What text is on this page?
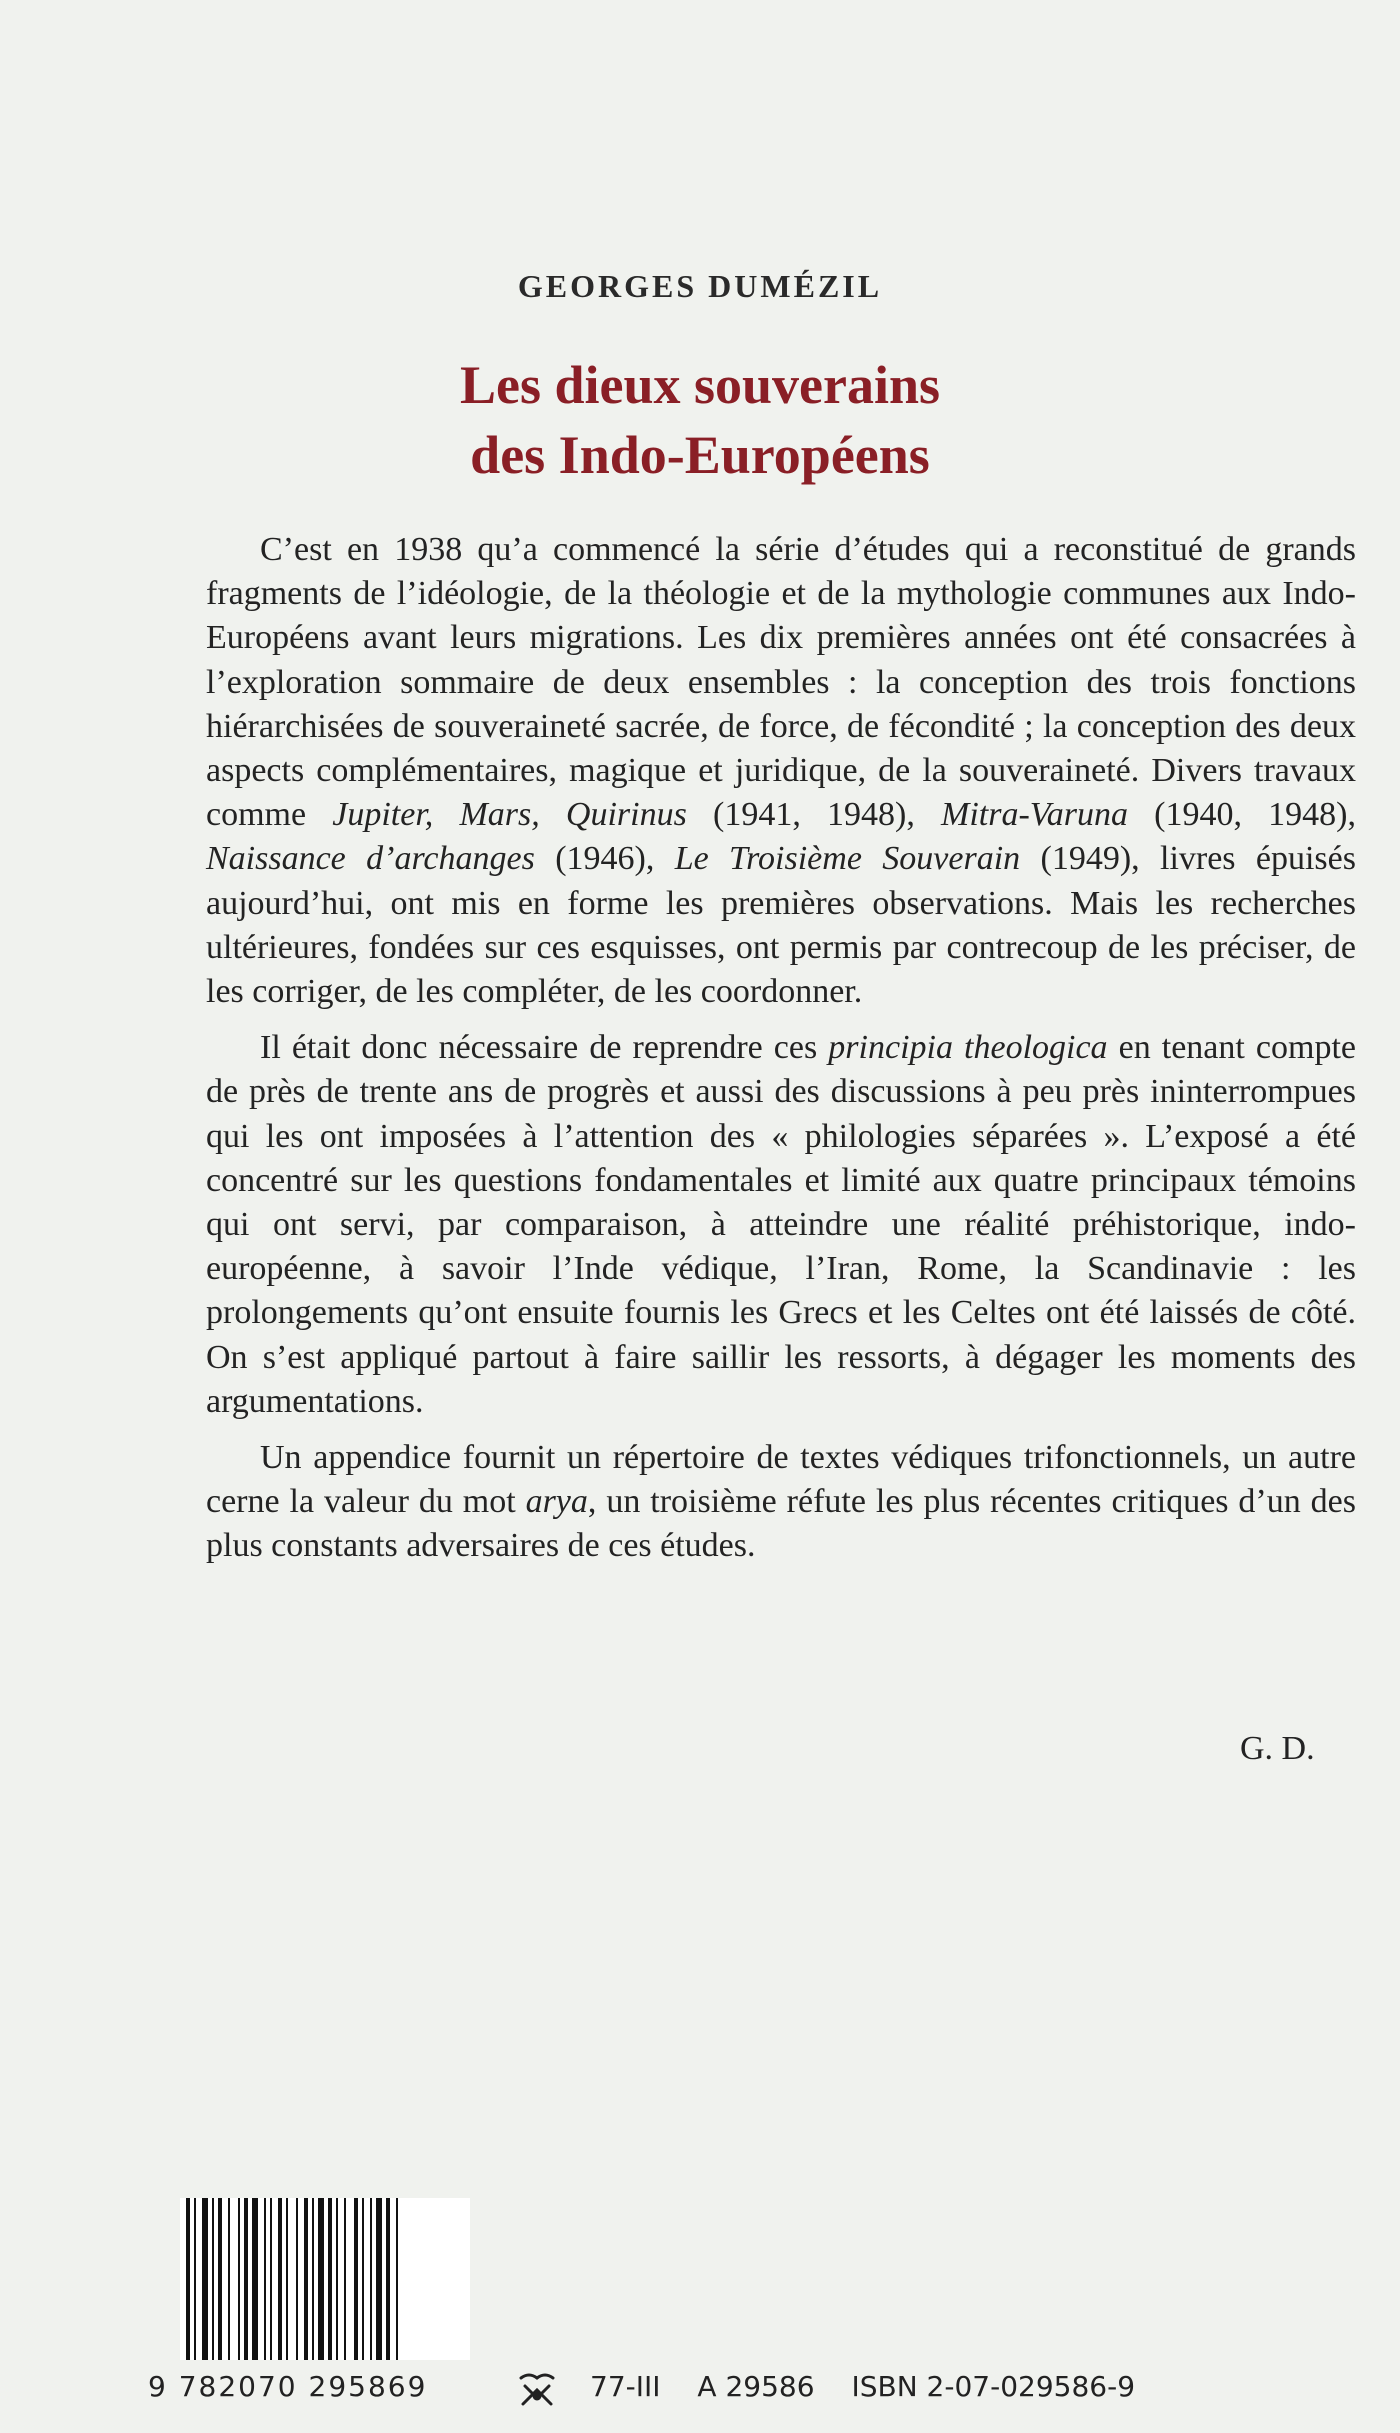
GEORGES DUMÉZIL
Les dieux souverains
des Indo-Européens

C’est en 1938 qu’a commencé la série d’études qui a reconstitué de grands fragments de l’idéologie, de la théologie et de la mythologie communes aux Indo-Européens avant leurs migrations. Les dix premières années ont été consacrées à l’exploration sommaire de deux ensembles : la conception des trois fonctions hiérarchisées de souveraineté sacrée, de force, de fécondité ; la conception des deux aspects complémentaires, magique et juridique, de la souveraineté. Divers travaux comme Jupiter, Mars, Quirinus (1941, 1948), Mitra-Varuna (1940, 1948), Naissance d’archanges (1946), Le Troisième Souverain (1949), livres épuisés aujourd’hui, ont mis en forme les premières observations. Mais les recherches ultérieures, fondées sur ces esquisses, ont permis par contrecoup de les préciser, de les corriger, de les compléter, de les coordonner.

Il était donc nécessaire de reprendre ces principia theologica en tenant compte de près de trente ans de progrès et aussi des discussions à peu près ininterrompues qui les ont imposées à l’attention des « philologies séparées ». L’exposé a été concentré sur les questions fondamentales et limité aux quatre principaux témoins qui ont servi, par comparaison, à atteindre une réalité préhistorique, indo-européenne, à savoir l’Inde védique, l’Iran, Rome, la Scandinavie : les prolongements qu’ont ensuite fournis les Grecs et les Celtes ont été laissés de côté. On s’est appliqué partout à faire saillir les ressorts, à dégager les moments des argumentations.

Un appendice fournit un répertoire de textes védiques trifonctionnels, un autre cerne la valeur du mot arya, un troisième réfute les plus récentes critiques d’un des plus constants adversaires de ces études.

G. D.
9 782070 295869	77-III A 29586 ISBN 2-07-029586-9
